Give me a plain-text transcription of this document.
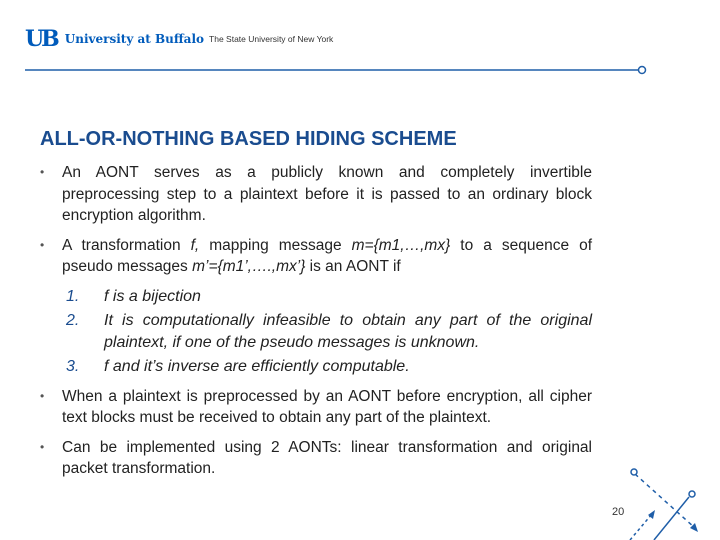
UB University at Buffalo The State University of New York
ALL-OR-NOTHING BASED HIDING SCHEME
• An AONT serves as a publicly known and completely invertible preprocessing step to a plaintext before it is passed to an ordinary block encryption algorithm.
• A transformation f, mapping message m={m1,…,mx} to a sequence of pseudo messages m’={m1’,….,mx’} is an AONT if
1. f is a bijection
2. It is computationally infeasible to obtain any part of the original plaintext, if one of the pseudo messages is unknown.
3. f and it’s inverse are efficiently computable.
• When a plaintext is preprocessed by an AONT before encryption, all cipher text blocks must be received to obtain any part of the plaintext.
• Can be implemented using 2 AONTs: linear transformation and original packet transformation.
20
